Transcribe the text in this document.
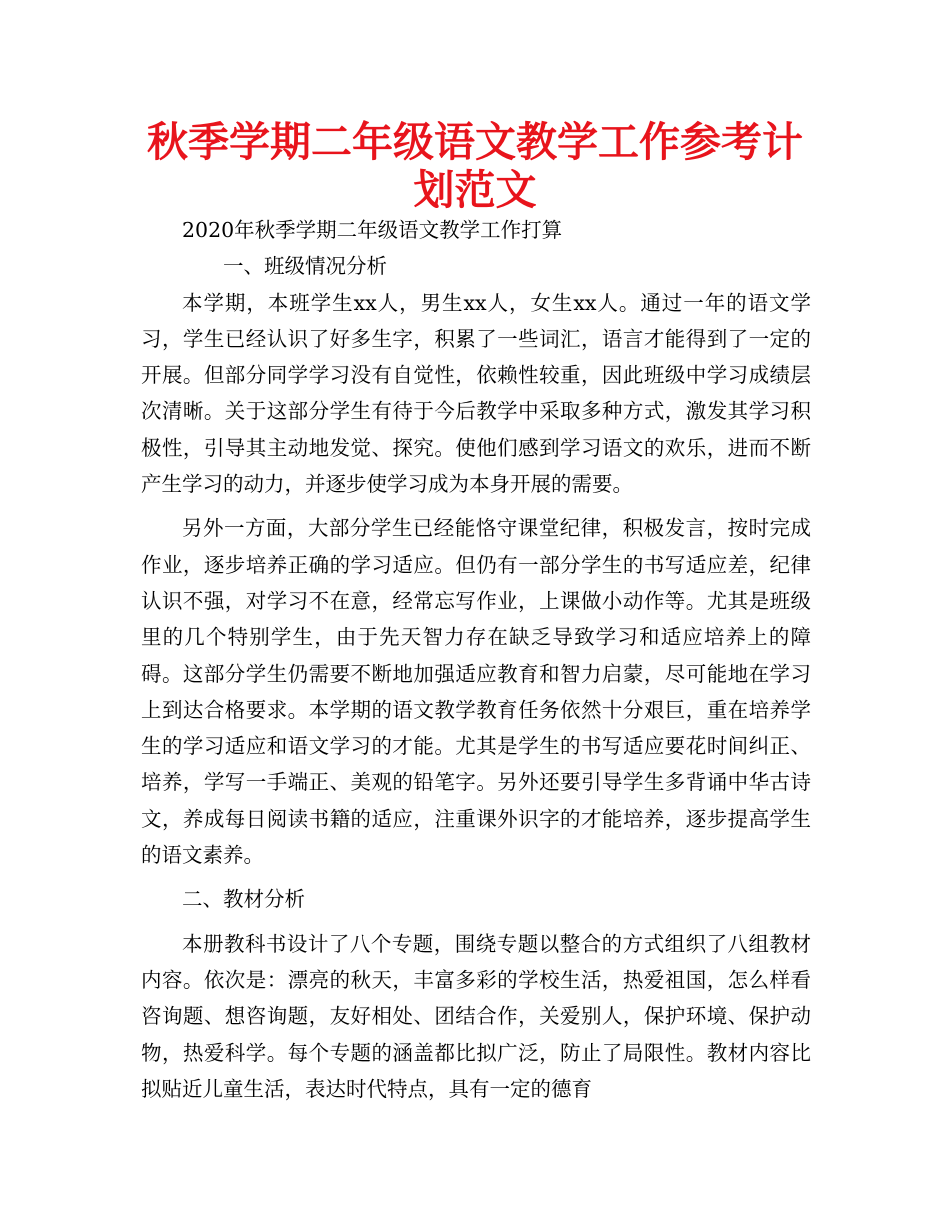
秋季学期二年级语文教学工作参考计划范文

2020年秋季学期二年级语文教学工作打算

一、班级情况分析

本学期，本班学生xx人，男生xx人，女生xx人。通过一年的语文学习，学生已经认识了好多生字，积累了一些词汇，语言才能得到了一定的开展。但部分同学学习没有自觉性，依赖性较重，因此班级中学习成绩层次清晰。关于这部分学生有待于今后教学中采取多种方式，激发其学习积极性，引导其主动地发觉、探究。使他们感到学习语文的欢乐，进而不断产生学习的动力，并逐步使学习成为本身开展的需要。

另外一方面，大部分学生已经能恪守课堂纪律，积极发言，按时完成作业，逐步培养正确的学习适应。但仍有一部分学生的书写适应差，纪律认识不强，对学习不在意，经常忘写作业，上课做小动作等。尤其是班级里的几个特别学生，由于先天智力存在缺乏导致学习和适应培养上的障碍。这部分学生仍需要不断地加强适应教育和智力启蒙，尽可能地在学习上到达合格要求。本学期的语文教学教育任务依然十分艰巨，重在培养学生的学习适应和语文学习的才能。尤其是学生的书写适应要花时间纠正、培养，学写一手端正、美观的铅笔字。另外还要引导学生多背诵中华古诗文，养成每日阅读书籍的适应，注重课外识字的才能培养，逐步提高学生的语文素养。

二、教材分析

本册教科书设计了八个专题，围绕专题以整合的方式组织了八组教材内容。依次是：漂亮的秋天，丰富多彩的学校生活，热爱祖国，怎么样看咨询题、想咨询题，友好相处、团结合作，关爱别人，保护环境、保护动物，热爱科学。每个专题的涵盖都比拟广泛，防止了局限性。教材内容比拟贴近儿童生活，表达时代特点，具有一定的德育
